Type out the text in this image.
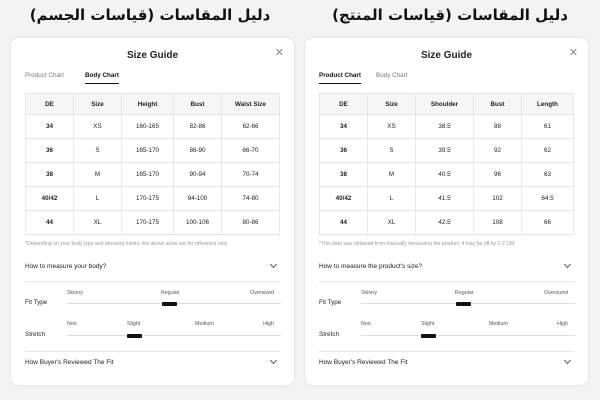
دليل المقاسات (قياسات الجسم)	دليل المقاسات (قياسات المنتج)
Size Guide	✕
Product Chart	Body Chart
DE	Size	Height	Bust	Waist Size
34	XS	160-165	82-86	62-66
36	S	165-170	86-90	66-70
38	M	165-170	90-94	70-74
40/42	L	170-175	94-100	74-80
44	XL	170-175	100-106	80-86
*Depending on your body type and dressing habits, the above sizes are for reference only.
How to measure your body?
Skinny	Regular	Oversized
Fit Type
Non	Slight	Medium	High
Stretch
How Buyer's Reviewed The Fit
Size Guide	✕
Product Chart Body Chart
DE	Size	Shoulder	Bust	Length
34	XS	38.5	88	61
36	S	39.5	92	62
38	M	40.5	96	63
40/42	L	41.5	102	64.5
44	XL	42.5	108	66
*This data was obtained from manually measuring the product, it may be off by 1-2 CM.
How to measure the product's size?
Skinny	Regular	Oversized
Fit Type
Non	Slight	Medium	High
Stretch
How Buyer's Reviewed The Fit
